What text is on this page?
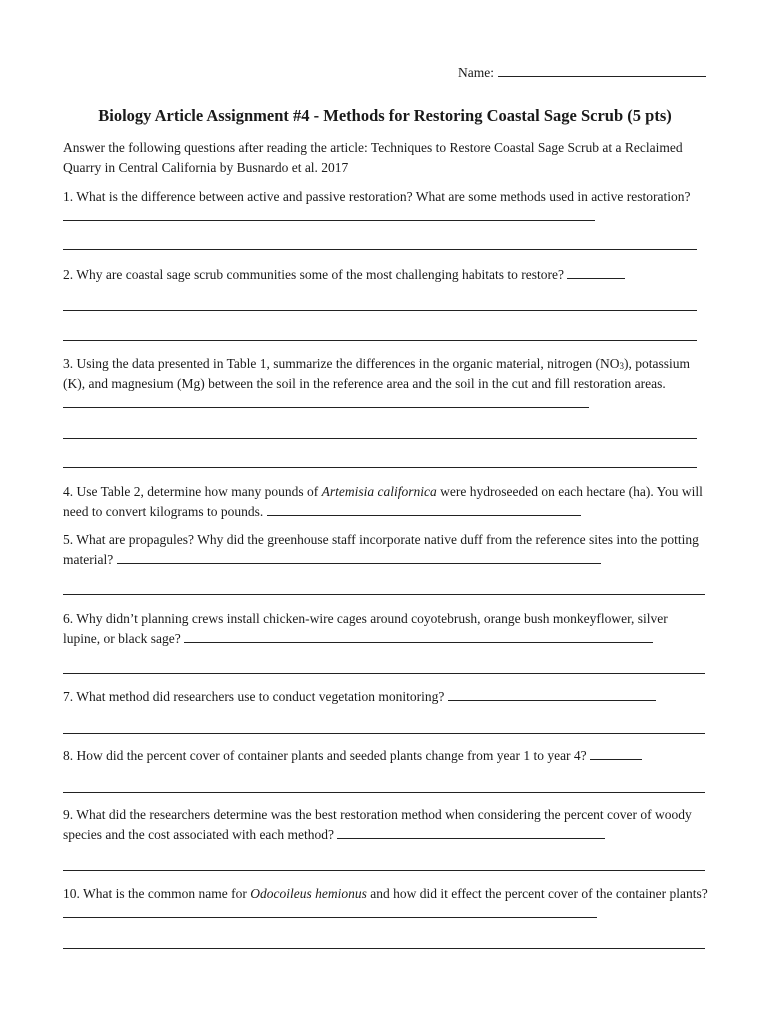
Name:
Biology Article Assignment #4 - Methods for Restoring Coastal Sage Scrub (5 pts)
Answer the following questions after reading the article: Techniques to Restore Coastal Sage Scrub at a Reclaimed Quarry in Central California by Busnardo et al. 2017
1. What is the difference between active and passive restoration? What are some methods used in active restoration?
2. Why are coastal sage scrub communities some of the most challenging habitats to restore?
3. Using the data presented in Table 1, summarize the differences in the organic material, nitrogen $(NO_3)$, potassium (K), and magnesium (Mg) between the soil in the reference area and the soil in the cut and fill restoration areas.
4. Use Table 2, determine how many pounds of Artemisia californica were hydroseeded on each hectare (ha). You will need to convert kilograms to pounds.
5. What are propagules? Why did the greenhouse staff incorporate native duff from the reference sites into the potting material?
6. Why didn’t planning crews install chicken-wire cages around coyotebrush, orange bush monkeyflower, silver lupine, or black sage?
7. What method did researchers use to conduct vegetation monitoring?
8. How did the percent cover of container plants and seeded plants change from year 1 to year 4?
9. What did the researchers determine was the best restoration method when considering the percent cover of woody species and the cost associated with each method?
10. What is the common name for Odocoileus hemionus and how did it effect the percent cover of the container plants?
